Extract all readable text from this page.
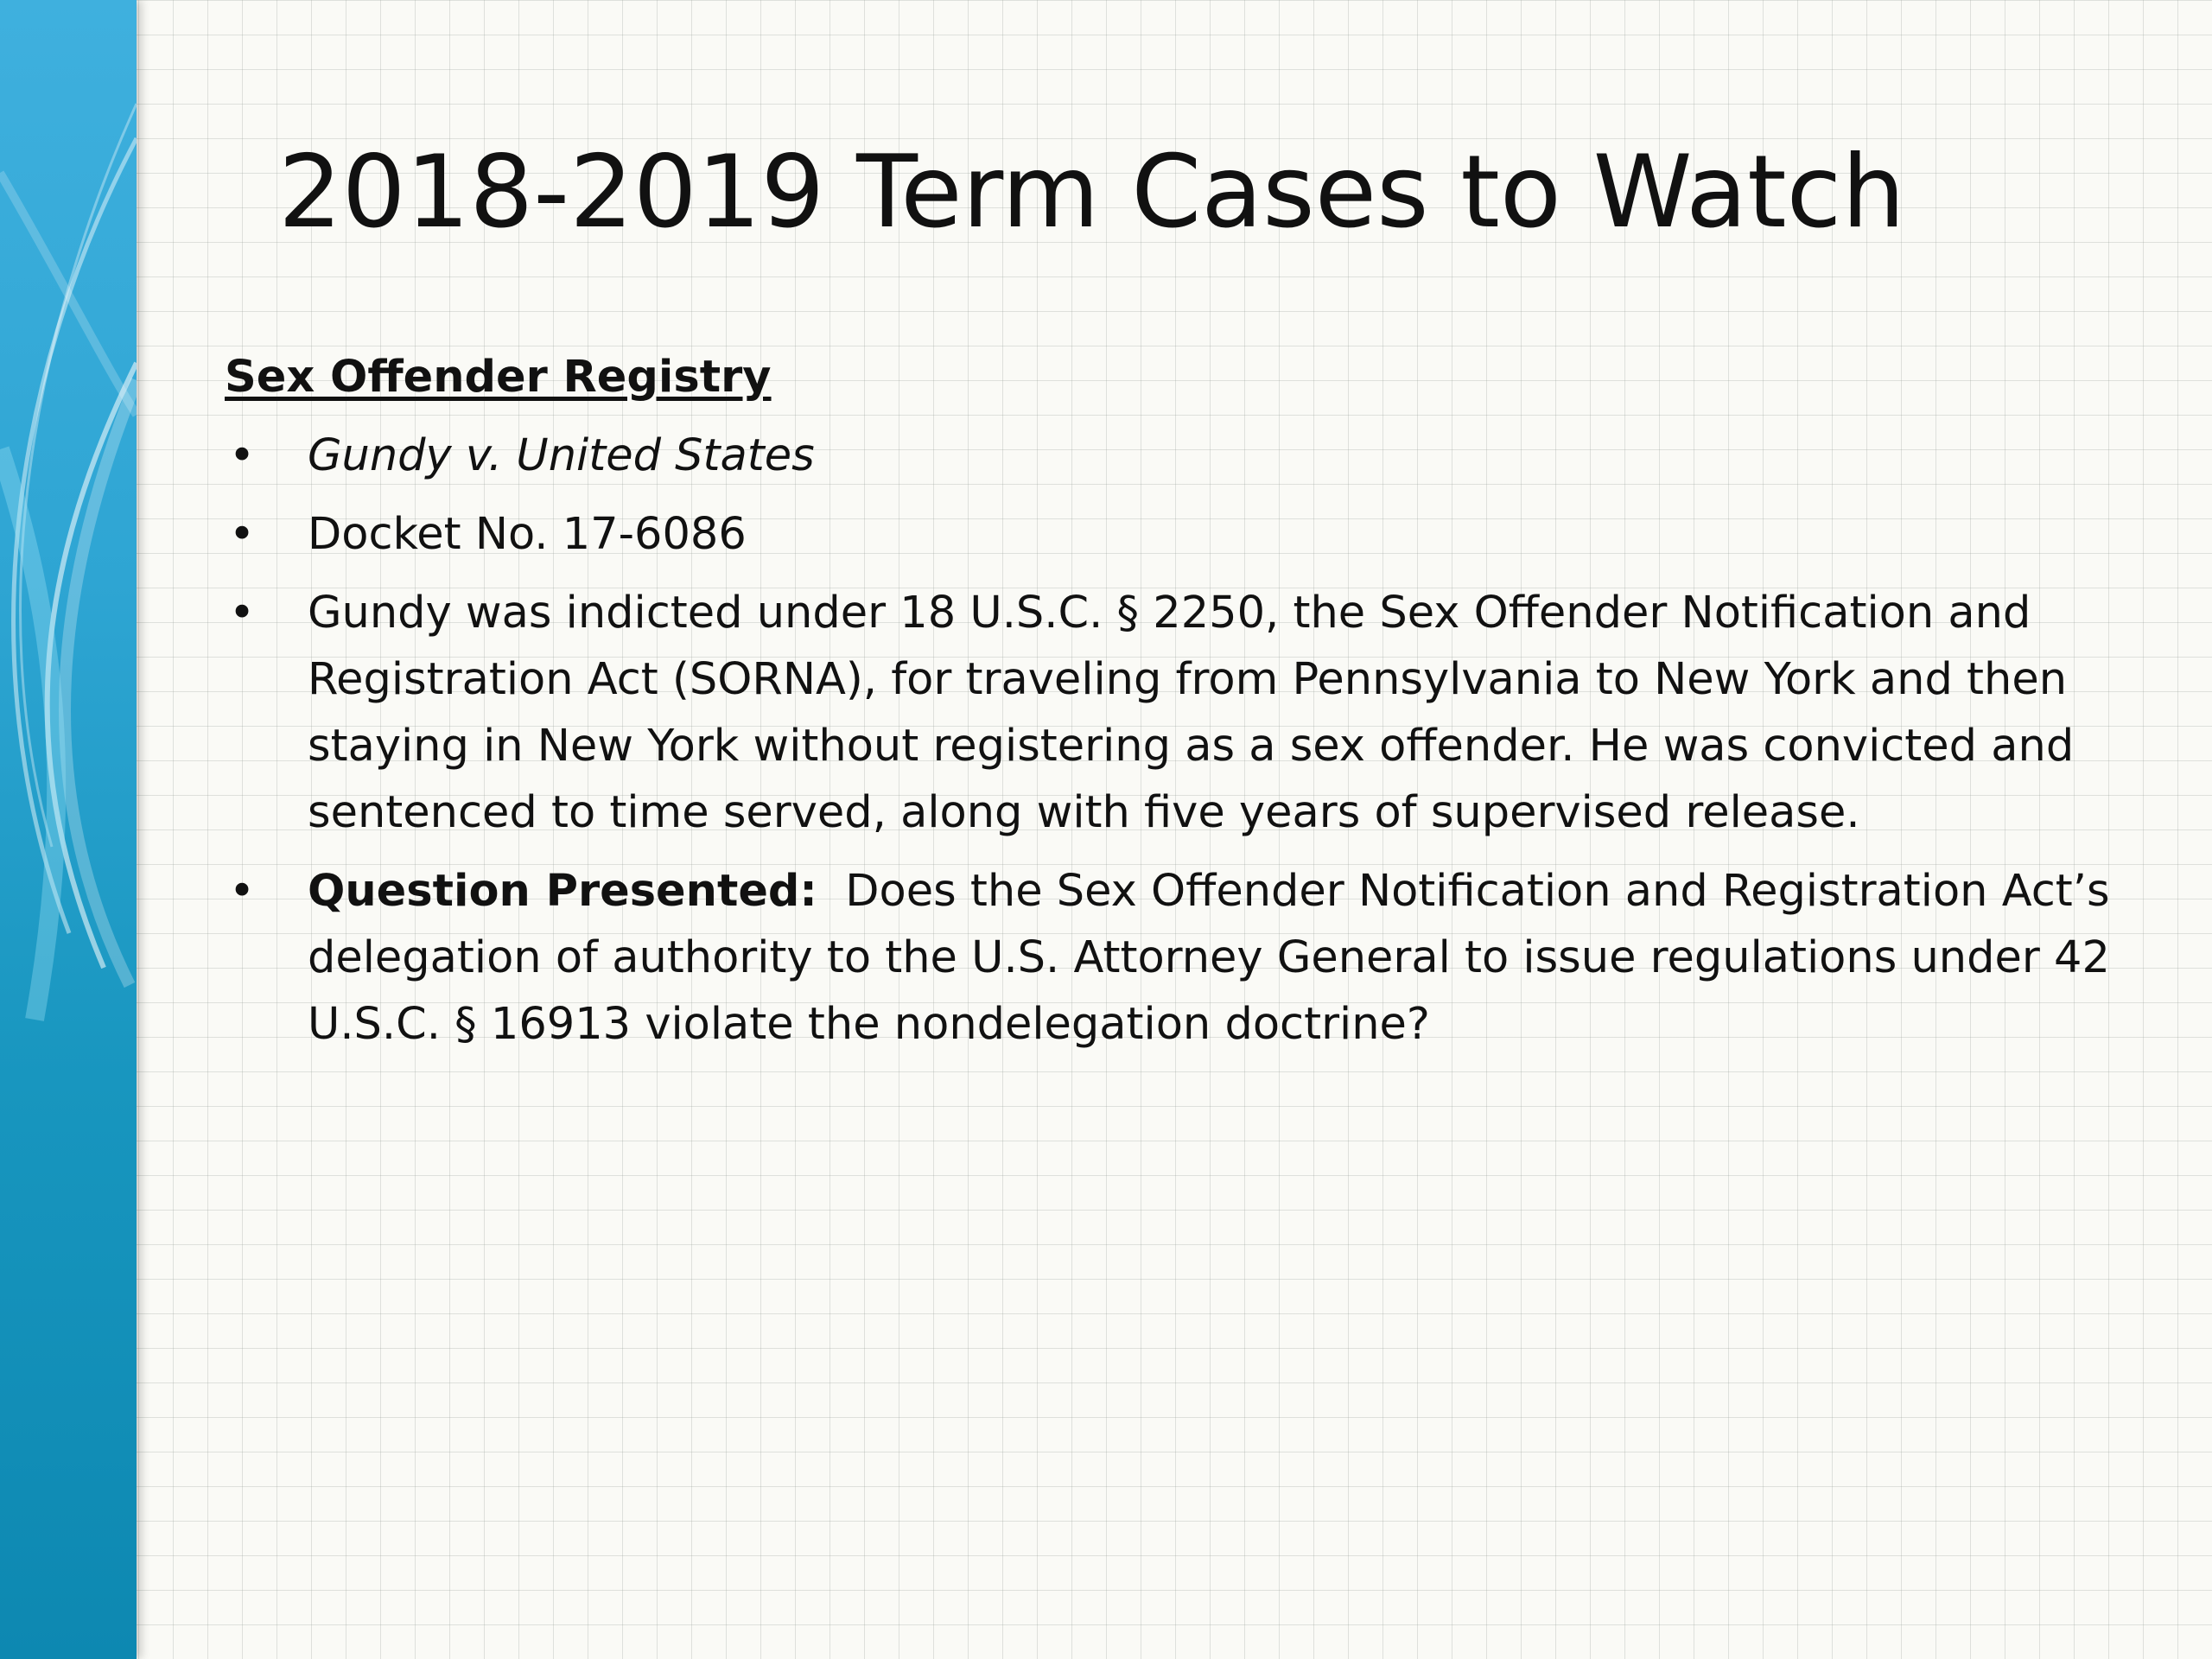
2018-2019 Term Cases to Watch
Sex Offender Registry
• Gundy v. United States
• Docket No. 17-6086
• Gundy was indicted under 18 U.S.C. § 2250, the Sex Offender Notification and Registration Act (SORNA), for traveling from Pennsylvania to New York and then staying in New York without registering as a sex offender. He was convicted and sentenced to time served, along with five years of supervised release.
• Question Presented: Does the Sex Offender Notification and Registration Act’s delegation of authority to the U.S. Attorney General to issue regulations under 42 U.S.C. § 16913 violate the nondelegation doctrine?
